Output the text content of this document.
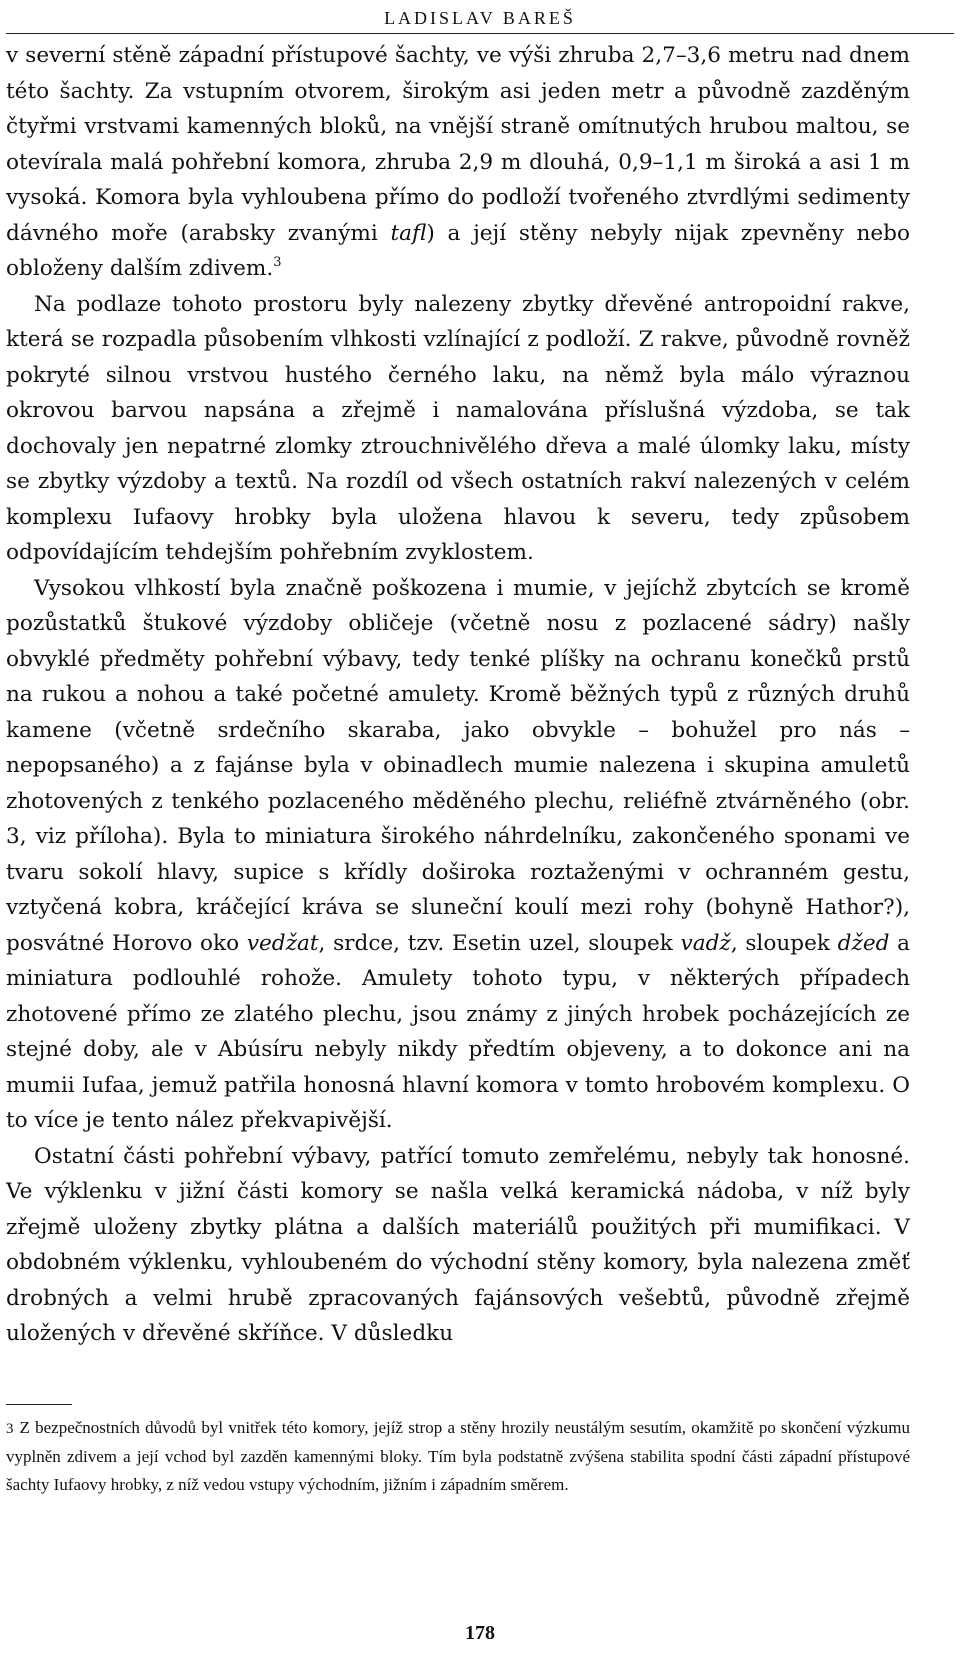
LADISLAV BAREŠ

v severní stěně západní přístupové šachty, ve výši zhruba 2,7–3,6 metru nad dnem této šachty. Za vstupním otvorem, širokým asi jeden metr a původně zazděným čtyřmi vrstvami kamenných bloků, na vnější straně omítnutých hrubou maltou, se otevírala malá pohřební komora, zhruba 2,9 m dlouhá, 0,9–1,1 m široká a asi 1 m vysoká. Komora byla vyhloubena přímo do podloží tvořeného ztvrdlými sedimenty dávného moře (arabsky zvanými tafl) a její stěny nebyly nijak zpevněny nebo obloženy dalším zdivem.$^3$

Na podlaze tohoto prostoru byly nalezeny zbytky dřevěné antropoidní rakve, která se rozpadla působením vlhkosti vzlínající z podloží. Z rakve, původně rovněž pokryté silnou vrstvou hustého černého laku, na němž byla málo výraznou okrovou barvou napsána a zřejmě i namalována příslušná výzdoba, se tak dochovaly jen nepatrné zlomky ztrouchnivělého dřeva a malé úlomky laku, místy se zbytky výzdoby a textů. Na rozdíl od všech ostatních rakví nalezených v celém komplexu Iufaovy hrobky byla uložena hlavou k severu, tedy způsobem odpovídajícím tehdejším pohřebním zvyklostem.

Vysokou vlhkostí byla značně poškozena i mumie, v jejíchž zbytcích se kromě pozůstatků štukové výzdoby obličeje (včetně nosu z pozlacené sádry) našly obvyklé předměty pohřební výbavy, tedy tenké plíšky na ochranu konečků prstů na rukou a nohou a také početné amulety. Kromě běžných typů z různých druhů kamene (včetně srdečního skaraba, jako obvykle – bohužel pro nás – nepopsaného) a z fajánse byla v obinadlech mumie nalezena i skupina amuletů zhotovených z tenkého pozlaceného měděného plechu, reliéfně ztvárněného (obr. 3, viz příloha). Byla to miniatura širokého náhrdelníku, zakončeného sponami ve tvaru sokolí hlavy, supice s křídly doširoka roztaženými v ochranném gestu, vztyčená kobra, kráčející kráva se sluneční koulí mezi rohy (bohyně Hathor?), posvátné Horovo oko vedžat, srdce, tzv. Esetin uzel, sloupek vadž, sloupek džed a miniatura podlouhlé rohože. Amulety tohoto typu, v některých případech zhotovené přímo ze zlatého plechu, jsou známy z jiných hrobek pocházejících ze stejné doby, ale v Abúsíru nebyly nikdy předtím objeveny, a to dokonce ani na mumii Iufaa, jemuž patřila honosná hlavní komora v tomto hrobovém komplexu. O to více je tento nález překvapivější.

Ostatní části pohřební výbavy, patřící tomuto zemřelému, nebyly tak honosné. Ve výklenku v jižní části komory se našla velká keramická nádoba, v níž byly zřejmě uloženy zbytky plátna a dalších materiálů použitých při mumifikaci. V obdobném výklenku, vyhloubeném do východní stěny komory, byla nalezena změť drobných a velmi hrubě zpracovaných fajánsových vešebtů, původně zřejmě uložených v dřevěné skříňce. V důsledku

3 Z bezpečnostních důvodů byl vnitřek této komory, jejíž strop a stěny hrozily neustálým sesutím, okamžitě po skončení výzkumu vyplněn zdivem a její vchod byl zazděn kamennými bloky. Tím byla podstatně zvýšena stabilita spodní části západní přístupové šachty Iufaovy hrobky, z níž vedou vstupy východním, jižním i západním směrem.
178
